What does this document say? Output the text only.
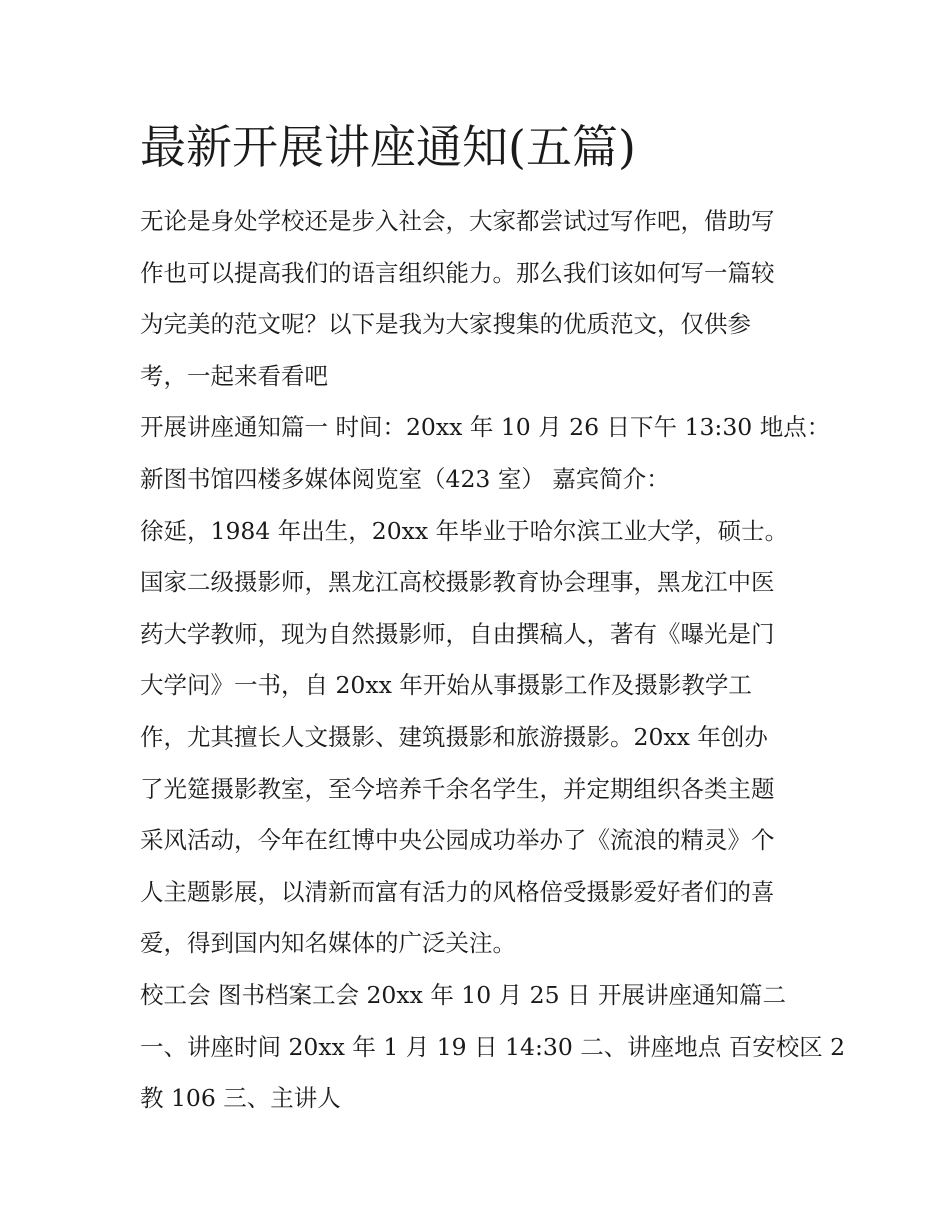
最新开展讲座通知(五篇)
无论是身处学校还是步入社会，大家都尝试过写作吧，借助写
作也可以提高我们的语言组织能力。那么我们该如何写一篇较
为完美的范文呢？以下是我为大家搜集的优质范文，仅供参
考，一起来看看吧
开展讲座通知篇一 时间：20xx 年 10 月 26 日下午 13:30 地点：
新图书馆四楼多媒体阅览室（423 室） 嘉宾简介：
徐延，1984 年出生，20xx 年毕业于哈尔滨工业大学，硕士。
国家二级摄影师，黑龙江高校摄影教育协会理事，黑龙江中医
药大学教师，现为自然摄影师，自由撰稿人，著有《曝光是门
大学问》一书，自 20xx 年开始从事摄影工作及摄影教学工
作，尤其擅长人文摄影、建筑摄影和旅游摄影。20xx 年创办
了光筵摄影教室，至今培养千余名学生，并定期组织各类主题
采风活动，今年在红博中央公园成功举办了《流浪的精灵》个
人主题影展，以清新而富有活力的风格倍受摄影爱好者们的喜
爱，得到国内知名媒体的广泛关注。
校工会 图书档案工会 20xx 年 10 月 25 日 开展讲座通知篇二
一、讲座时间 20xx 年 1 月 19 日 14:30 二、讲座地点 百安校区 2
教 106 三、主讲人
